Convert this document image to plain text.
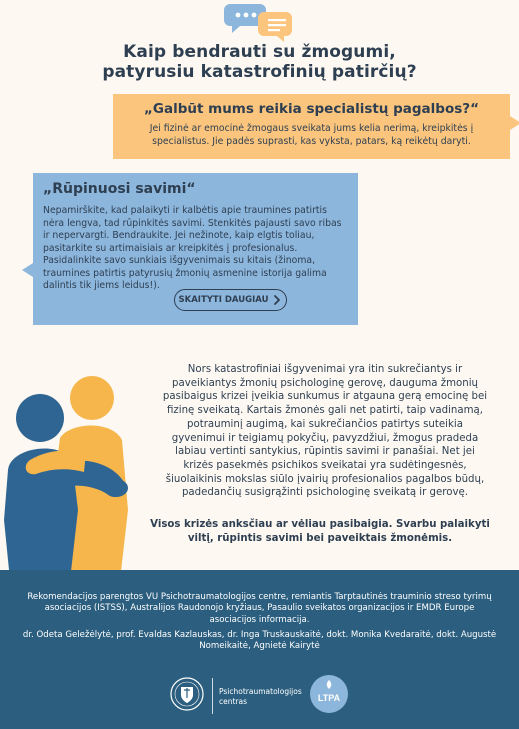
Kaip bendrauti su žmogumi,
patyrusiu katastrofinių patirčių?
„Galbūt mums reikia specialistų pagalbos?“
Jei fizinė ar emocinė žmogaus sveikata jums kelia nerimą, kreipkitės į specialistus. Jie padės suprasti, kas vyksta, patars, ką reikėtų daryti.
„Rūpinuosi savimi“
Nepamirškite, kad palaikyti ir kalbėtis apie traumines patirtis nėra lengva, tad rūpinkitės savimi. Stenkitės pajausti savo ribas ir nepervargti. Bendraukite. Jei nežinote, kaip elgtis toliau, pasitarkite su artimaisiais ar kreipkitės į profesionalus. Pasidalinkite savo sunkiais išgyvenimais su kitais (žinoma, traumines patirtis patyrusių žmonių asmenine istorija galima dalintis tik jiems leidus!).
SKAITYTI DAUGIAU
Nors katastrofiniai išgyvenimai yra itin sukrečiantys ir paveikiantys žmonių psichologinę gerovę, dauguma žmonių pasibaigus krizei įveikia sunkumus ir atgauna gerą emocinę bei fizinę sveikatą. Kartais žmonės gali net patirti, taip vadinamą, potrauminį augimą, kai sukrečiančios patirtys suteikia gyvenimui ir teigiamų pokyčių, pavyzdžiui, žmogus pradeda labiau vertinti santykius, rūpintis savimi ir panašiai. Net jei krizės pasekmės psichikos sveikatai yra sudėtingesnės, šiuolaikinis mokslas siūlo įvairių profesionalios pagalbos būdų, padedančių susigrąžinti psichologinę sveikatą ir gerovę.
Visos krizės anksčiau ar vėliau pasibaigia. Svarbu palaikyti viltį, rūpintis savimi bei paveiktais žmonėmis.
Rekomendacijos parengtos VU Psichotraumatologijos centre, remiantis Tarptautinės trauminio streso tyrimų asociacijos (ISTSS), Australijos Raudonojo kryžiaus, Pasaulio sveikatos organizacijos ir EMDR Europe asociacijos informacija.
dr. Odeta Geležėlytė, prof. Evaldas Kazlauskas, dr. Inga Truskauskaitė, dokt. Monika Kvedaraitė, dokt. Augustė Nomeikaitė, Agnietė Kairytė
Psichotraumatologijos
centras	LTPA
